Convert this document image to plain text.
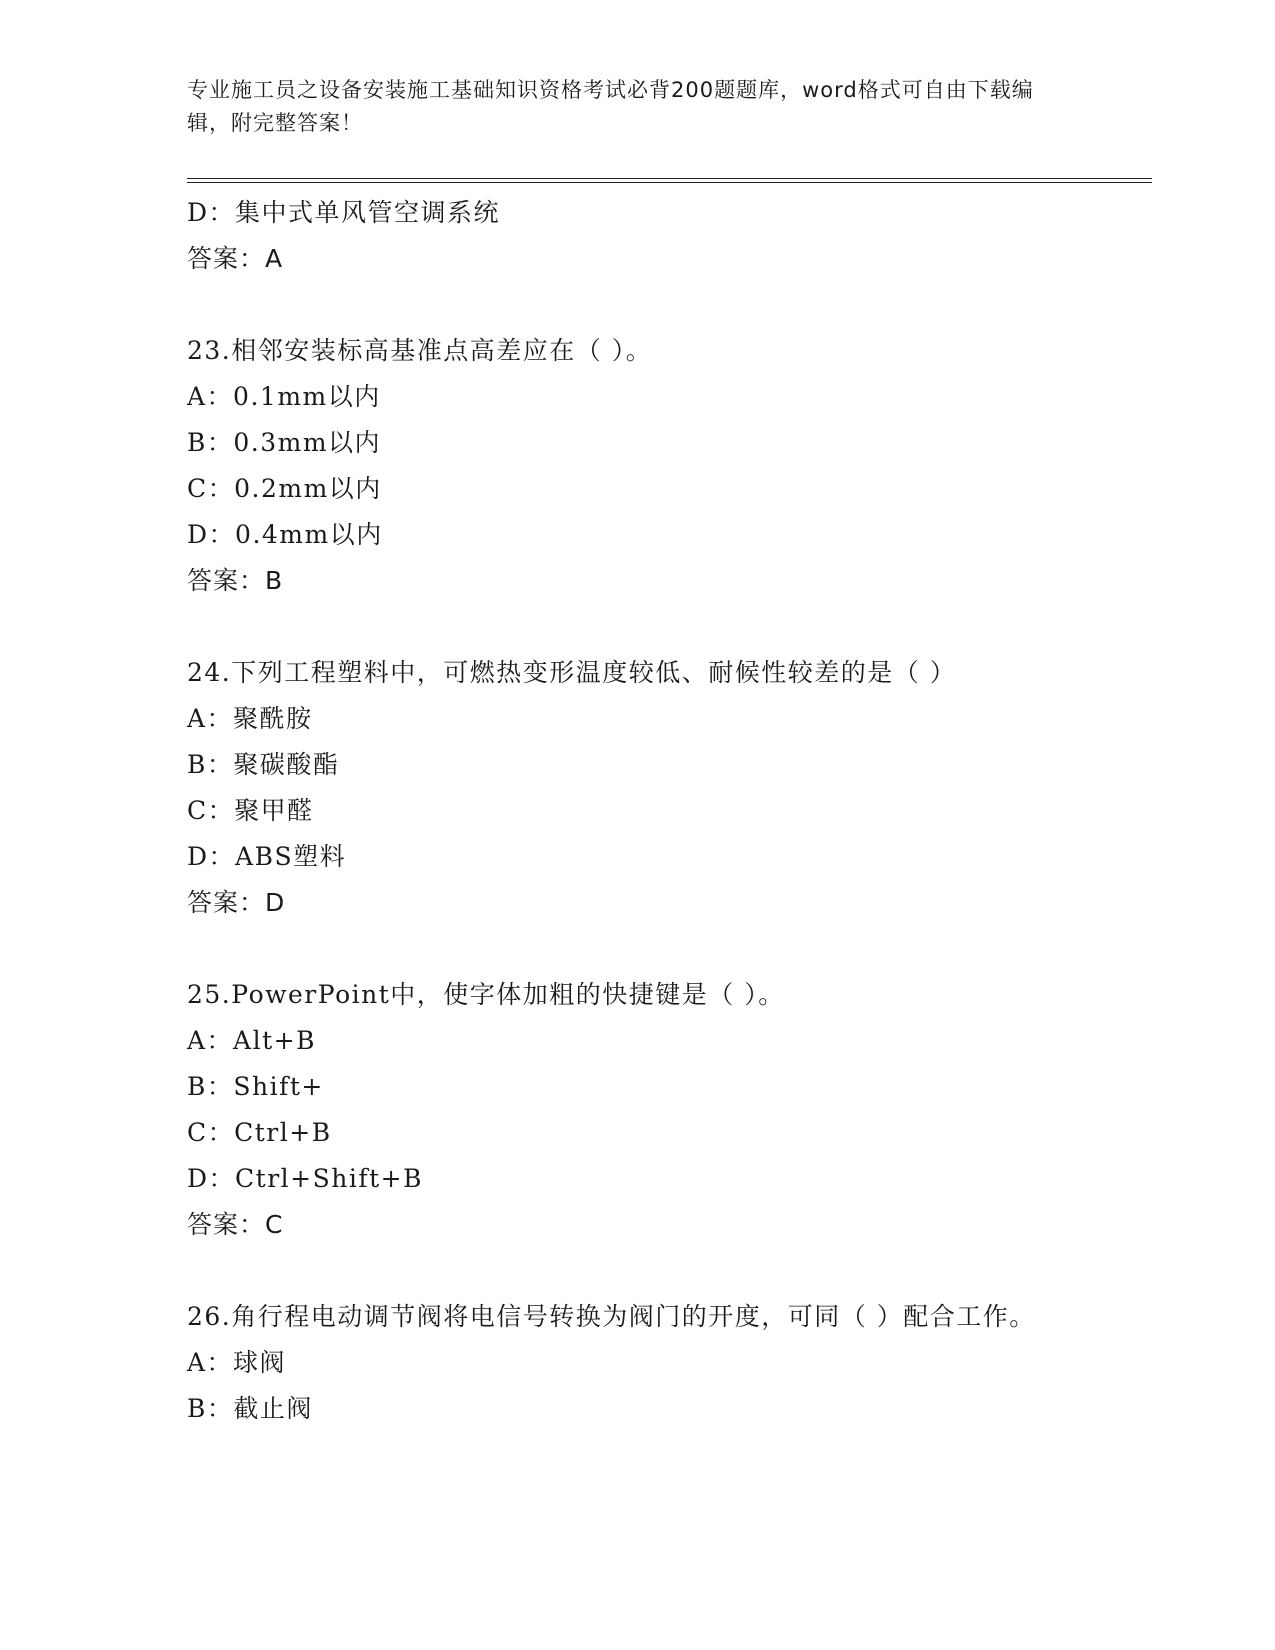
专业施工员之设备安装施工基础知识资格考试必背200题题库，word格式可自由下载编辑，附完整答案！
D：集中式单风管空调系统
答案：A
23.相邻安装标高基准点高差应在（ ）。
A：0.1mm以内
B：0.3mm以内
C：0.2mm以内
D：0.4mm以内
答案：B
24.下列工程塑料中，可燃热变形温度较低、耐候性较差的是（ ）
A：聚酰胺
B：聚碳酸酯
C：聚甲醛
D：ABS塑料
答案：D
25.PowerPoint中，使字体加粗的快捷键是（ ）。
A：Alt+B
B：Shift+
C：Ctrl+B
D：Ctrl+Shift+B
答案：C
26.角行程电动调节阀将电信号转换为阀门的开度，可同（ ）配合工作。
A：球阀
B：截止阀
